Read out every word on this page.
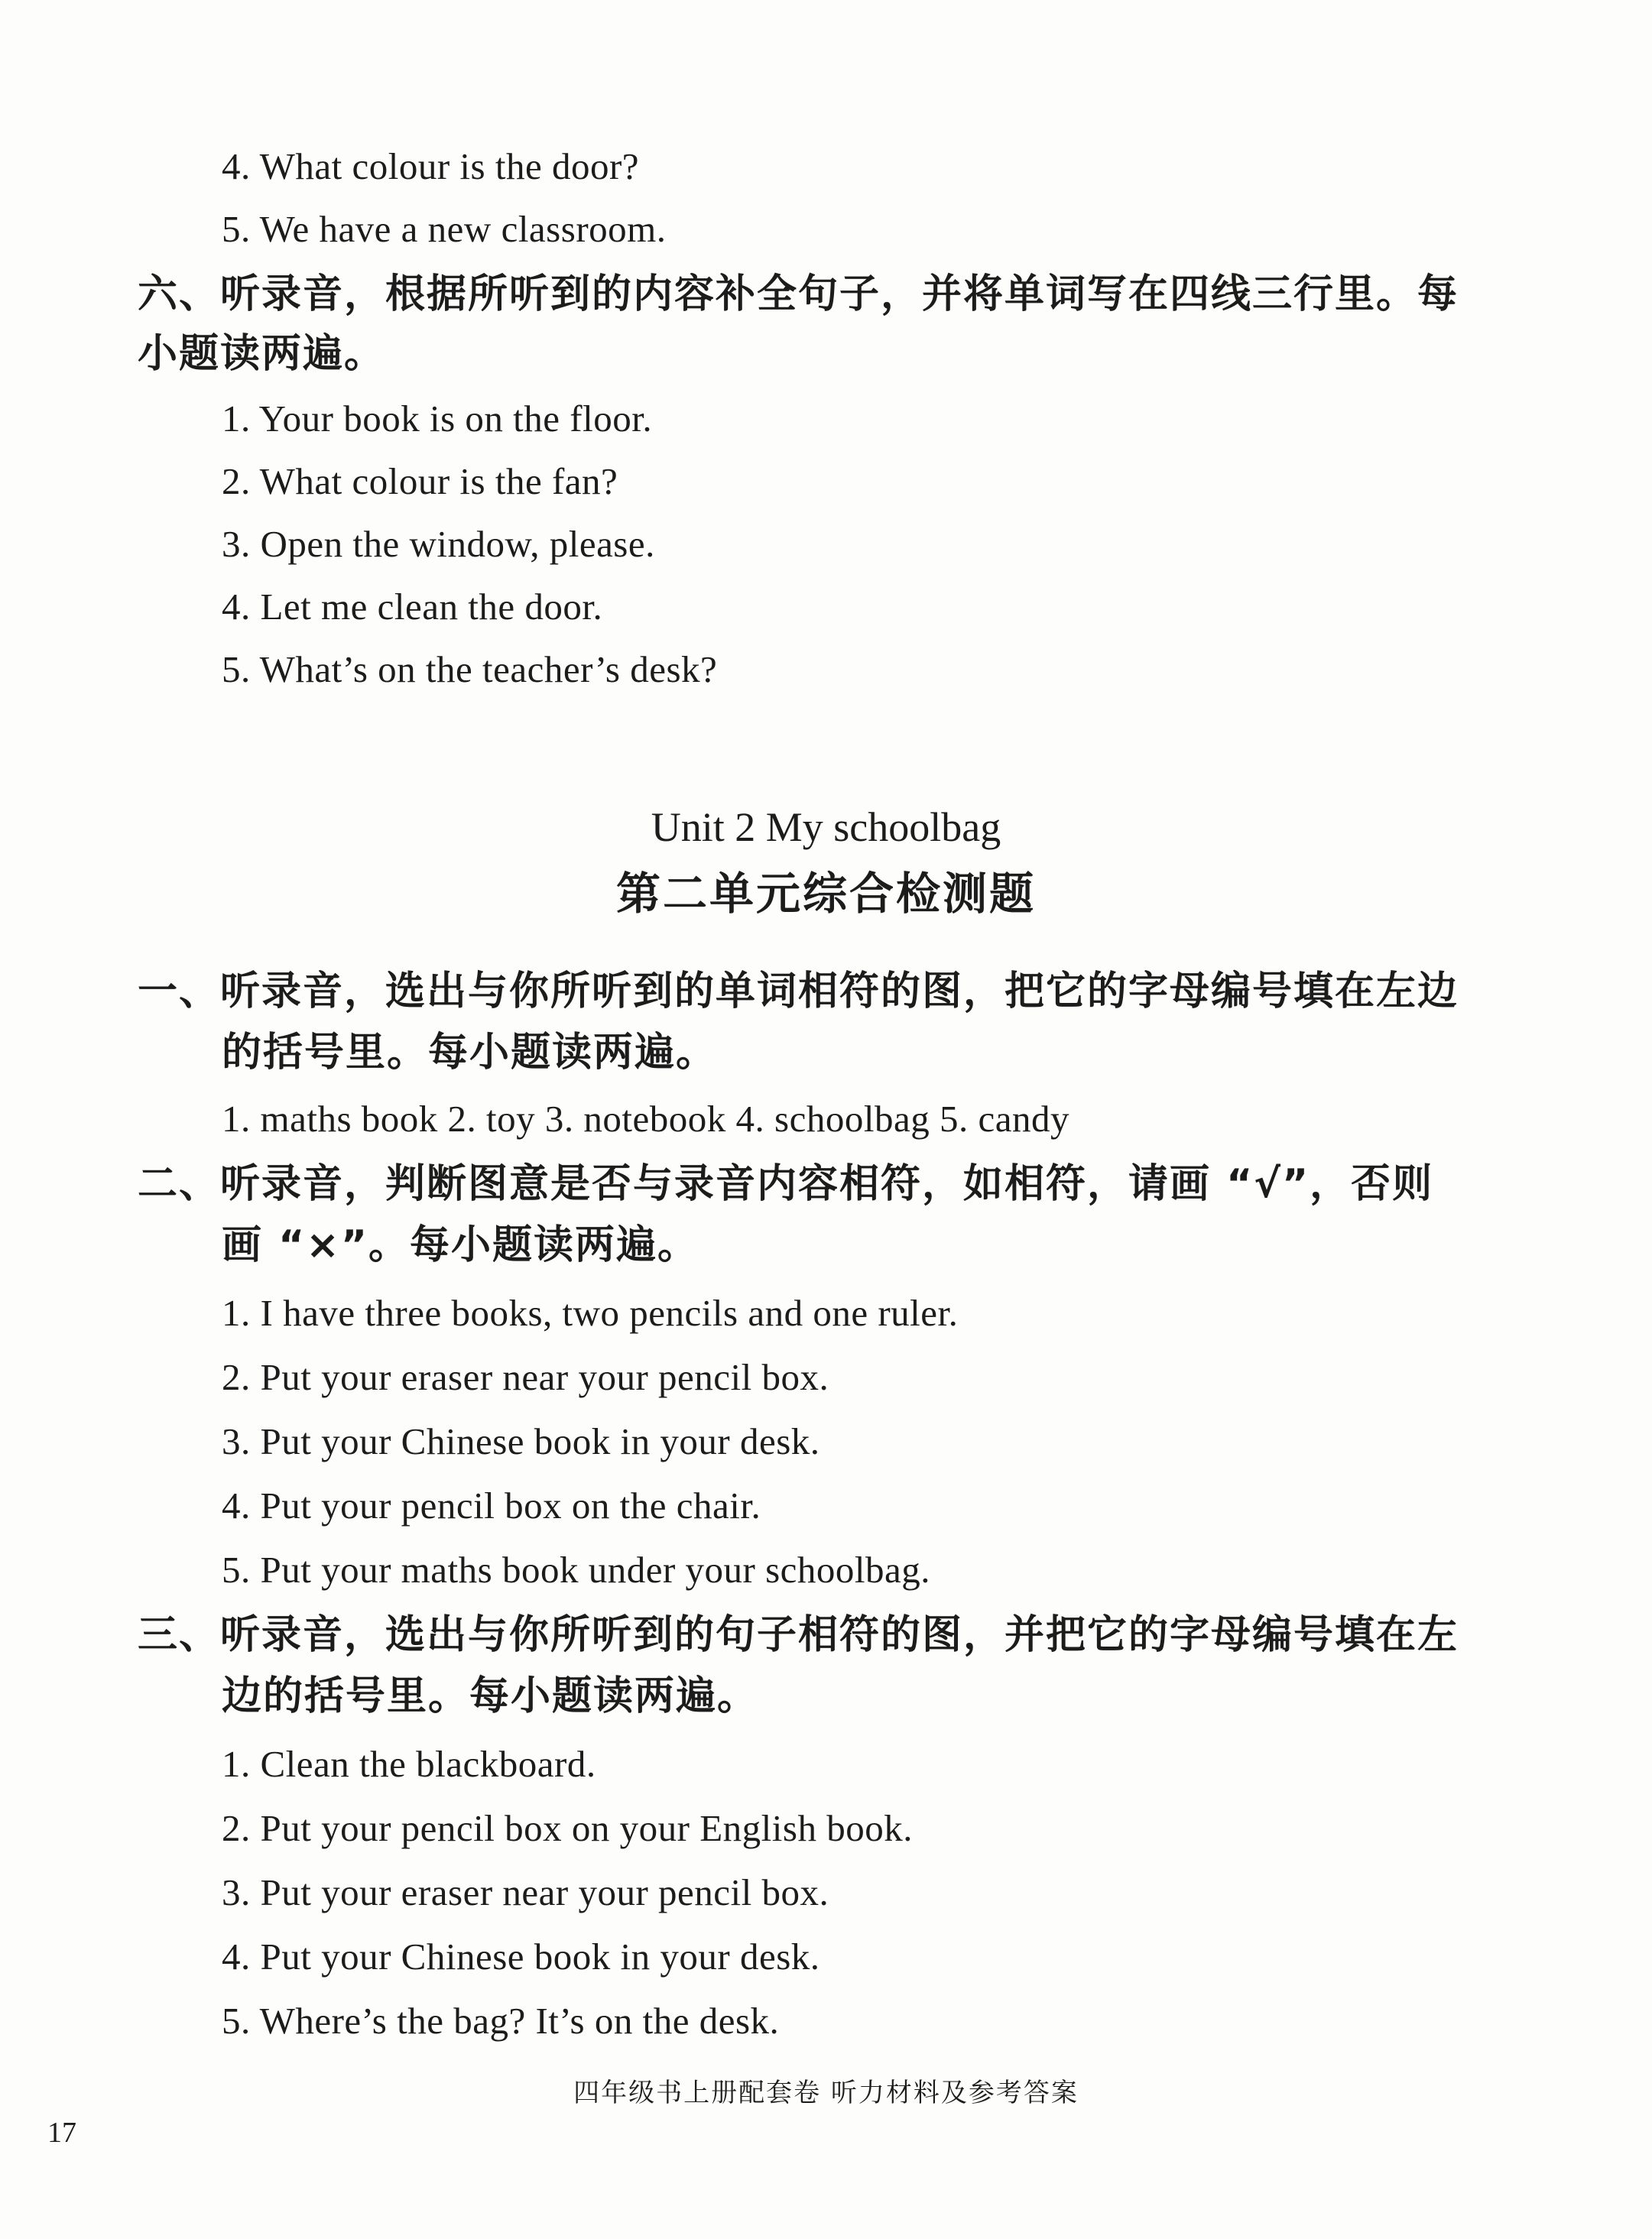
4. What colour is the door?
5. We have a new classroom.
六、听录音，根据所听到的内容补全句子，并将单词写在四线三行里。每
小题读两遍。
1. Your book is on the floor.
2. What colour is the fan?
3. Open the window, please.
4. Let me clean the door.
5. What’s on the teacher’s desk?
Unit 2 My schoolbag
第二单元综合检测题
一、听录音，选出与你所听到的单词相符的图，把它的字母编号填在左边
的括号里。每小题读两遍。
1. maths book 2. toy 3. notebook 4. schoolbag 5. candy
二、听录音，判断图意是否与录音内容相符，如相符，请画 “√”，否则
画 “×”。每小题读两遍。
1. I have three books, two pencils and one ruler.
2. Put your eraser near your pencil box.
3. Put your Chinese book in your desk.
4. Put your pencil box on the chair.
5. Put your maths book under your schoolbag.
三、听录音，选出与你所听到的句子相符的图，并把它的字母编号填在左
边的括号里。每小题读两遍。
1. Clean the blackboard.
2. Put your pencil box on your English book.
3. Put your eraser near your pencil box.
4. Put your Chinese book in your desk.
5. Where’s the bag? It’s on the desk.
四年级书上册配套卷 听力材料及参考答案
17
